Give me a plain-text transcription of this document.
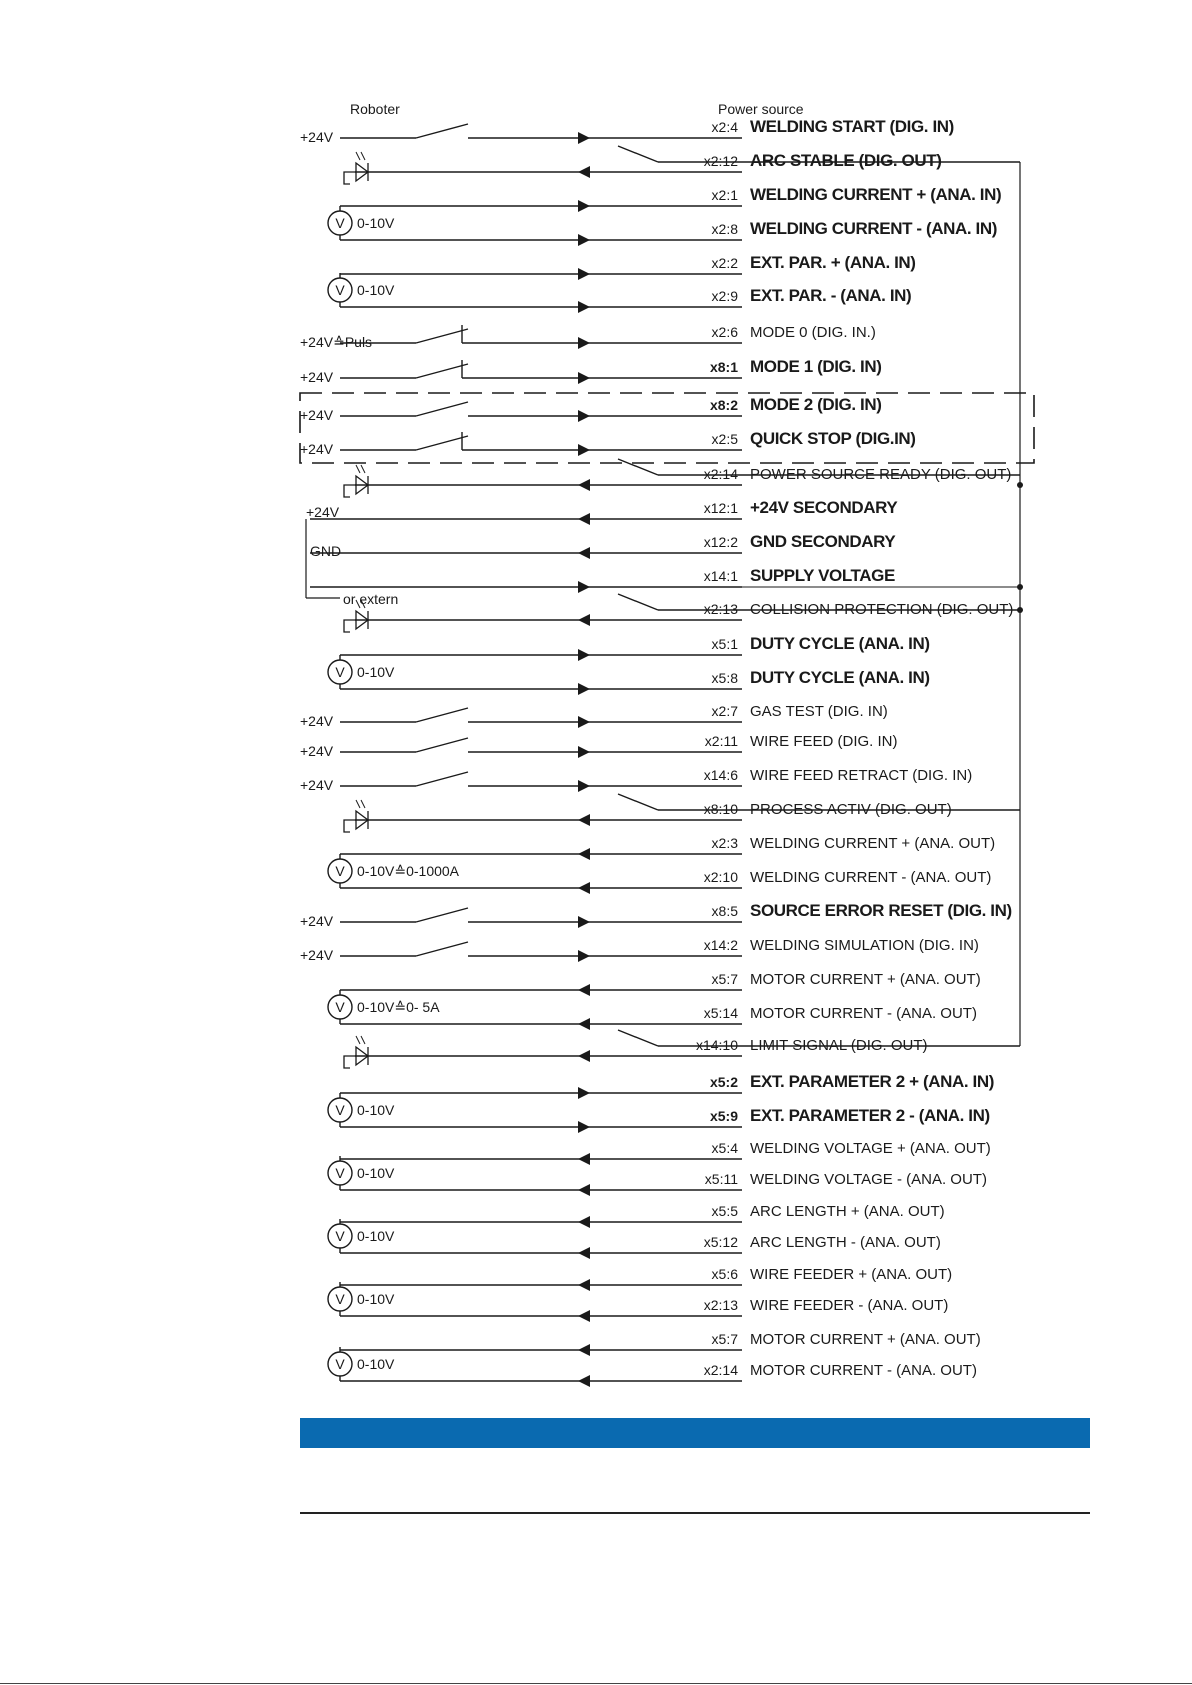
Roboter	Power source
x2:4 WELDING START (DIG. IN)
+24V
x2:12 ARC STABLE (DIG. OUT)
x2:1 WELDING CURRENT + (ANA. IN)
x2:8 WELDING CURRENT - (ANA. IN)
V 0-10V
x2:2 EXT. PAR. + (ANA. IN)
x2:9 EXT. PAR. - (ANA. IN)
V 0-10V
x2:6 MODE 0 (DIG. IN.)
+24V≙Puls
x8:1 MODE 1 (DIG. IN)
+24V
x8:2 MODE 2 (DIG. IN)
+24V
x2:5 QUICK STOP (DIG.IN)
+24V
x2:14 POWER SOURCE READY (DIG. OUT)
x12:1 +24V SECONDARY
x12:2 GND SECONDARY
x14:1 SUPPLY VOLTAGE
x2:13 COLLISION PROTECTION (DIG. OUT)
x5:1 DUTY CYCLE (ANA. IN)
x5:8 DUTY CYCLE (ANA. IN)
V 0-10V
x2:7 GAS TEST (DIG. IN)
+24V
x2:11 WIRE FEED (DIG. IN)
+24V
x14:6 WIRE FEED RETRACT (DIG. IN)
+24V
x8:10 PROCESS ACTIV (DIG. OUT)
x2:3 WELDING CURRENT + (ANA. OUT)
x2:10 WELDING CURRENT - (ANA. OUT)
V 0-10V≙0-1000A
x8:5 SOURCE ERROR RESET (DIG. IN)
+24V
x14:2 WELDING SIMULATION (DIG. IN)
+24V
x5:7 MOTOR CURRENT + (ANA. OUT)
x5:14 MOTOR CURRENT - (ANA. OUT)
V 0-10V≙0- 5A
x14:10 LIMIT SIGNAL (DIG. OUT)
x5:2 EXT. PARAMETER 2 + (ANA. IN)
x5:9 EXT. PARAMETER 2 - (ANA. IN)
V 0-10V
x5:4 WELDING VOLTAGE + (ANA. OUT)
x5:11 WELDING VOLTAGE - (ANA. OUT)
V 0-10V
x5:5 ARC LENGTH + (ANA. OUT)
x5:12 ARC LENGTH - (ANA. OUT)
V 0-10V
x5:6 WIRE FEEDER + (ANA. OUT)
x2:13 WIRE FEEDER - (ANA. OUT)
V 0-10V
x5:7 MOTOR CURRENT + (ANA. OUT)
x2:14 MOTOR CURRENT - (ANA. OUT)
V 0-10V
+24V
GND
or extern
